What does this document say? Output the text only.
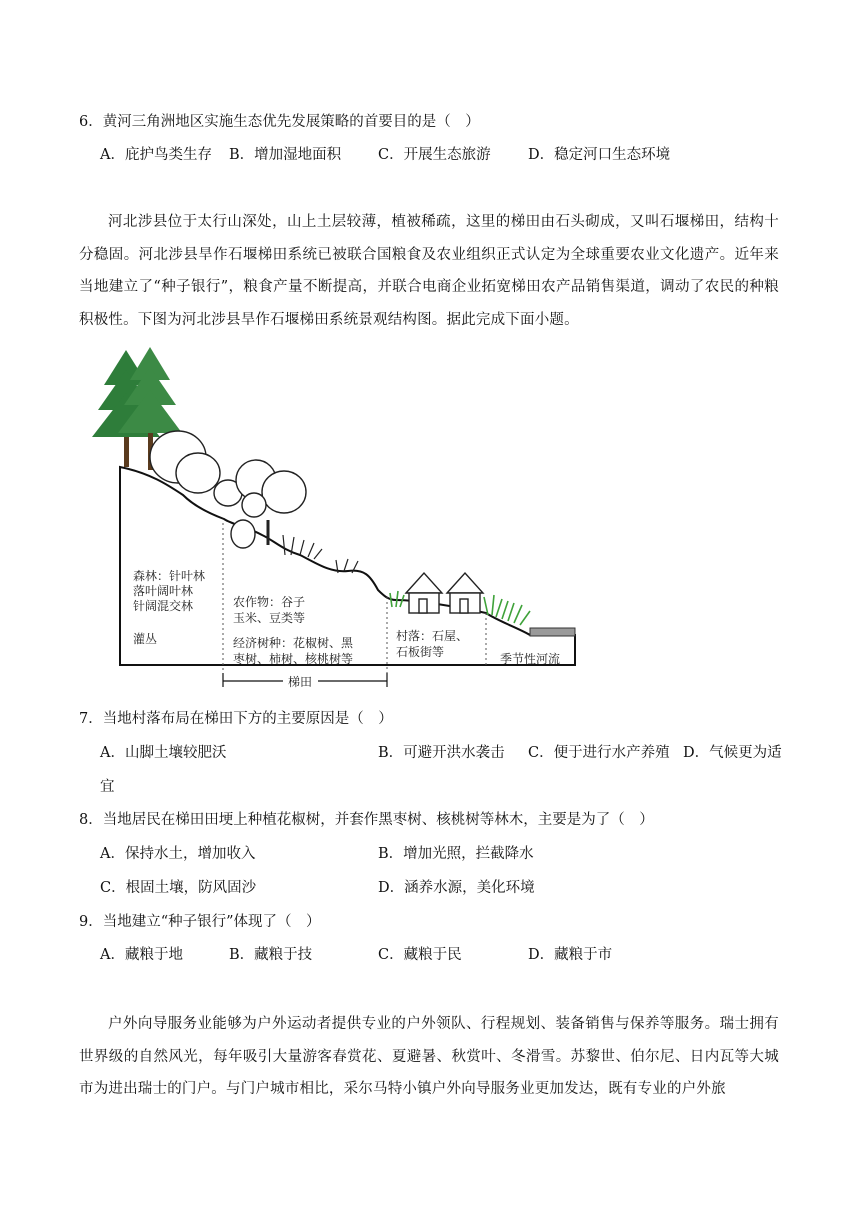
6．黄河三角洲地区实施生态优先发展策略的首要目的是（　）
A．庇护鸟类生存 B．增加湿地面积	C．开展生态旅游	D．稳定河口生态环境
河北涉县位于太行山深处，山上土层较薄，植被稀疏，这里的梯田由石头砌成，又叫石堰梯田，结构十分稳固。河北涉县旱作石堰梯田系统已被联合国粮食及农业组织正式认定为全球重要农业文化遗产。近年来当地建立了“种子银行”，粮食产量不断提高，并联合电商企业拓宽梯田农产品销售渠道，调动了农民的种粮积极性。下图为河北涉县旱作石堰梯田系统景观结构图。据此完成下面小题。
梯田
森林：针叶林
落叶阔叶林
针阔混交林
灌丛
农作物：谷子
玉米、豆类等
经济树种：花椒树、黑
枣树、柿树、核桃树等
村落：石屋、
石板街等	季节性河流
7．当地村落布局在梯田下方的主要原因是（　）
A．山脚土壤较肥沃	B．可避开洪水袭击 C．便于进行水产养殖 D．气候更为适
宜
8．当地居民在梯田田埂上种植花椒树，并套作黑枣树、核桃树等林木，主要是为了（　）
A．保持水土，增加收入	B．增加光照，拦截降水
C．根固土壤，防风固沙	D．涵养水源，美化环境
9．当地建立“种子银行”体现了（　）
A．藏粮于地	B．藏粮于技	C．藏粮于民	D．藏粮于市
户外向导服务业能够为户外运动者提供专业的户外领队、行程规划、装备销售与保养等服务。瑞士拥有世界级的自然风光，每年吸引大量游客春赏花、夏避暑、秋赏叶、冬滑雪。苏黎世、伯尔尼、日内瓦等大城市为进出瑞士的门户。与门户城市相比，采尔马特小镇户外向导服务业更加发达，既有专业的户外旅
